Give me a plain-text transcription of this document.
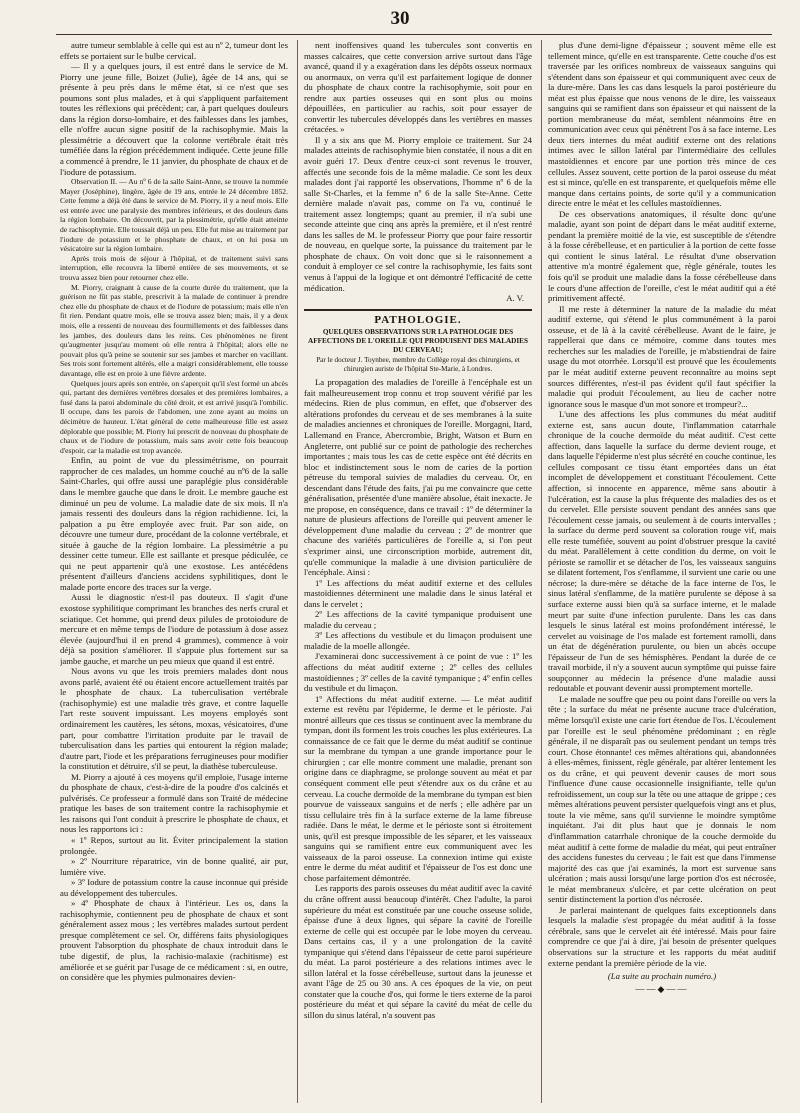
30

autre tumeur semblable à celle qui est au nº 2, tumeur dont les effets se portaient sur le bulbe cervical.

— Il y a quelques jours, il est entré dans le service de M. Piorry une jeune fille, Boizet (Julie), âgée de 14 ans, qui se présente à peu près dans le même état, si ce n'est que ses poumons sont plus malades, et à qui s'appliquent parfaitement toutes les réflexions qui précèdent; car, à part quelques douleurs dans la région dorso-lombaire, et des faiblesses dans les jambes, elle n'offre aucun signe positif de la rachisophymie. Mais la plessimétrie a découvert que la colonne vertébrale était très tuméfiée dans la région précédemment indiquée. Cette jeune fille a commencé à prendre, le 11 janvier, du phosphate de chaux et de l'iodure de potassium.

Observation II. — Au nº 6 de la salle Saint-Anne, se trouve la nommée Mayer (Joséphine), lingère, âgée de 19 ans, entrée le 24 décembre 1852. Cette femme a déjà été dans le service de M. Piorry, il y a neuf mois. Elle est entrée avec une paralysie des membres inférieurs, et des douleurs dans la région lombaire. On découvrit, par la plessimétrie, qu'elle était atteinte de rachisophymie. Elle toussait déjà un peu. Elle fut mise au traitement par l'iodure de potassium et le phosphate de chaux, et on lui posa un vésicatoire sur la région lombaire.

Après trois mois de séjour à l'hôpital, et de traitement suivi sans interruption, elle recouvra la liberté entière de ses mouvements, et se trouva assez bien pour retourner chez elle.

M. Piorry, craignant à cause de la courte durée du traitement, que la guérison ne fût pas stable, prescrivit à la malade de continuer à prendre chez elle du phosphate de chaux et de l'iodure de potassium; mais elle n'en fit rien. Pendant quatre mois, elle se trouva assez bien; mais, il y a deux mois, elle a ressenti de nouveau des fourmillements et des faiblesses dans les jambes, des douleurs dans les reins. Ces phénomènes ne firent qu'augmenter jusqu'au moment où elle rentra à l'hôpital; alors elle ne pouvait plus qu'à peine se soutenir sur ses jambes et marcher en vacillant. Ses trois sont fortement altérés, elle a maigri considérablement, elle tousse davantage, elle est en proie à une fièvre ardente.

Quelques jours après son entrée, on s'aperçoit qu'il s'est formé un abcès qui, partant des dernières vertèbres dorsales et des premières lombaires, a fusé dans la paroi abdominale du côté droit, et est arrivé jusqu'à l'ombilic. Il occupe, dans les parois de l'abdomen, une zone ayant au moins un décimètre de hauteur. L'état général de cette malheureuse fille est assez déplorable que possible; M. Piorry lui prescrit de nouveau du phosphate de chaux et de l'iodure de potassium, mais sans avoir cette fois beaucoup d'espoir, car la maladie est trop avancée.

Enfin, au point de vue du plessimétrisme, on pourrait rapprocher de ces malades, un homme couché au nº6 de la salle Saint-Charles, qui offre aussi une paraplégie plus considérable dans le membre gauche que dans le droit. Le membre gauche est diminué un peu de volume. La maladie date de six mois. Il n'a jamais ressenti des douleurs dans la région rachidienne. Ici, la palpation a pu être employée avec fruit. Par son aide, on découvre une tumeur dure, procédant de la colonne vertébrale, et située à gauche de la région lombaire. La plessimétrie a pu dessiner cette tumeur. Elle est saillante et presque pédiculée, ce qui ne peut appartenir qu'à une exostose. Les antécédens présentent d'ailleurs d'anciens accidens syphilitiques, dont le malade porte encore des traces sur la verge.

Aussi le diagnostic n'est-il pas douteux. Il s'agit d'une exostose syphilitique comprimant les branches des nerfs crural et sciatique. Cet homme, qui prend deux pilules de protoiodure de mercure et en même temps de l'iodure de potassium à dose assez élevée (aujourd'hui il en prend 4 grammes), commence à voir déjà sa position s'améliorer. Il s'appuie plus fortement sur sa jambe gauche, et marche un peu mieux que quand il est entré.

Nous avons vu que les trois premiers malades dont nous avons parlé, avaient été ou étaient encore actuellement traités par le phosphate de chaux. La tuberculisation vertébrale (rachisophymie) est une maladie très grave, et contre laquelle l'art reste souvent impuissant. Les moyens employés sont ordinairement les cautères, les sétons, moxas, vésicatoires, d'une part, pour combattre l'irritation produite par le travail de tuberculisation dans les parties qui entourent la région malade; d'autre part, l'iode et les préparations ferrugineuses pour modifier la constitution et détruire, s'il se peut, la diathèse tuberculeuse.

M. Piorry a ajouté à ces moyens qu'il emploie, l'usage interne du phosphate de chaux, c'est-à-dire de la poudre d'os calcinés et pulvérisés. Ce professeur a formulé dans son Traité de médecine pratique les bases de son traitement contre la rachisophymie et les raisons qui l'ont conduit à prescrire le phosphate de chaux, et nous les rapportons ici :

« 1º Repos, surtout au lit. Éviter principalement la station prolongée.

» 2º Nourriture réparatrice, vin de bonne qualité, air pur, lumière vive.

» 3º Iodure de potassium contre la cause inconnue qui préside au développement des tubercules.

» 4º Phosphate de chaux à l'intérieur. Les os, dans la rachisophymie, contiennent peu de phosphate de chaux et sont généralement assez mous ; les vertèbres malades surtout perdent presque complètement ce sel. Or, différens faits physiologiques prouvent l'absorption du phosphate de chaux introduit dans le tube digestif, de plus, la rachisio-malaxie (rachitisme) est améliorée et se guérit par l'usage de ce médicament : si, en outre, on considère que les phymies pulmonaires devien-

nent inoffensives quand les tubercules sont convertis en masses calcaires, que cette conversion arrive surtout dans l'âge avancé, quand il y a exagération dans les dépôts osseux normaux ou anormaux, on verra qu'il est parfaitement logique de donner du phosphate de chaux contre la rachisophymie, soit pour en rendre aux parties osseuses qui en sont plus ou moins dépouillées, en particulier au rachis, soit pour essayer de convertir les tubercules développés dans les vertèbres en masses crétacées. »

Il y a six ans que M. Piorry emploie ce traitement. Sur 24 malades atteints de rachisophymie bien constatée, il nous a dit en avoir guéri 17. Deux d'entre ceux-ci sont revenus le trouver, affectés une seconde fois de la même maladie. Ce sont les deux malades dont j'ai rapporté les observations, l'homme nº 6 de la salle St-Charles, et la femme nº 6 de la salle Ste-Anne. Cette dernière malade n'avait pas, comme on l'a vu, continué le traitement assez longtemps; quant au premier, il n'a subi une seconde atteinte que cinq ans après la première, et il n'est rentré dans les salles de M. le professeur Piorry que pour faire ressortir de nouveau, en quelque sorte, la puissance du traitement par le phosphate de chaux. On voit donc que si le raisonnement a conduit à employer ce sel contre la rachisophymie, les faits sont venus à l'appui de la logique et ont démontré l'efficacité de cette médication.

A. V.
PATHOLOGIE.
QUELQUES OBSERVATIONS SUR LA PATHOLOGIE DES AFFECTIONS DE L'OREILLE QUI PRODUISENT DES MALADIES DU CERVEAU;
Par le docteur J. Toynbee, membre du Collège royal des chirurgiens, et chirurgien auriste de l'hôpital Ste-Marie, à Londres.

La propagation des maladies de l'oreille à l'encéphale est un fait malheureusement trop connu et trop souvent vérifié par les médecins. Rien de plus commun, en effet, que d'observer des altérations profondes du cerveau et de ses membranes à la suite de maladies anciennes et chroniques de l'oreille. Morgagni, Itard, Lallemand en France, Abercrombie, Bright, Watson et Burn en Angleterre, ont publié sur ce point de pathologie des recherches importantes ; mais tous les cas de cette espèce ont été décrits en bloc et indistinctement sous le nom de caries de la portion pétreuse du temporal suivies de maladies du cerveau. Or, en descendant dans l'étude des faits, j'ai pu me convaincre que cette généralisation, présentée d'une manière absolue, était inexacte. Je me propose, en conséquence, dans ce travail : 1º de déterminer la nature de plusieurs affections de l'oreille qui peuvent amener le développement d'une maladie du cerveau ; 2º de montrer que chacune des variétés particulières de l'oreille a, si l'on peut s'exprimer ainsi, une circonscription morbide, autrement dit, qu'elle communique la maladie à une division particulière de l'encéphale. Ainsi :

1º Les affections du méat auditif externe et des cellules mastoïdiennes déterminent une maladie dans le sinus latéral et dans le cervelet ;

2º Les affections de la cavité tympanique produisent une maladie du cerveau ;

3º Les affections du vestibule et du limaçon produisent une maladie de la moelle allongée.

J'examinerai donc successivement à ce point de vue : 1º les affections du méat auditif externe ; 2º celles des cellules mastoïdiennes ; 3º celles de la cavité tympanique ; 4º enfin celles du vestibule et du limaçon.

1º Affections du méat auditif externe. — Le méat auditif externe est revêtu par l'épiderme, le derme et le périoste. J'ai montré ailleurs que ces tissus se continuent avec la membrane du tympan, dont ils forment les trois couches les plus extérieures. La connaissance de ce fait que le derme du méat auditif se continue sur la membrane du tympan a une grande importance pour le chirurgien ; car elle montre comment une maladie, prenant son origine dans ce diaphragme, se prolonge souvent au méat et par conséquent comment elle peut s'étendre aux os du crâne et au cerveau. La couche dermoïde de la membrane du tympan est bien pourvue de vaisseaux sanguins et de nerfs ; elle adhère par un tissu cellulaire très fin à la surface externe de la lame fibreuse radiée. Dans le méat, le derme et le périoste sont si étroitement unis, qu'il est presque impossible de les séparer, et les vaisseaux sanguins qui se ramifient entre eux communiquent avec les vaisseaux de la paroi osseuse. La connexion intime qui existe entre le derme du méat auditif et l'épaisseur de l'os est donc une chose parfaitement démontrée.

Les rapports des parois osseuses du méat auditif avec la cavité du crâne offrent aussi beaucoup d'intérêt. Chez l'adulte, la paroi supérieure du méat est constituée par une couche osseuse solide, épaisse d'une à deux lignes, qui sépare la cavité de l'oreille externe de celle qui est occupée par le lobe moyen du cerveau. Dans certains cas, il y a une prolongation de la cavité tympanique qui s'étend dans l'épaisseur de cette paroi supérieure du méat. La paroi postérieure a des relations intimes avec le sillon latéral et la fosse cérébelleuse, surtout dans la jeunesse et avant l'âge de 25 ou 30 ans. A ces époques de la vie, on peut constater que la couche d'os, qui forme le tiers externe de la paroi postérieure du méat et qui sépare la cavité du méat de celle du sillon du sinus latéral, n'a souvent pas

plus d'une demi-ligne d'épaisseur ; souvent même elle est tellement mince, qu'elle en est transparente. Cette couche d'os est traversée par les orifices nombreux de vaisseaux sanguins qui s'étendent dans son épaisseur et qui communiquent avec ceux de la dure-mère. Dans les cas dans lesquels la paroi postérieure du méat est plus épaisse que nous venons de le dire, les vaisseaux sanguins qui se ramifient dans son épaisseur et qui naissent de la portion membraneuse du méat, semblent néanmoins être en communication avec ceux qui pénètrent l'os à sa face interne. Les deux tiers internes du méat auditif externe ont des relations intimes avec le sillon latéral par l'intermédiaire des cellules mastoïdiennes et encore par une portion très mince de ces cellules. Assez souvent, cette portion de la paroi osseuse du méat est si mince, qu'elle en est transparente, et quelquefois même elle manque dans certains points, de sorte qu'il y a communication directe entre le méat et les cellules mastoïdiennes.

De ces observations anatomiques, il résulte donc qu'une maladie, ayant son point de départ dans le méat auditif externe, pendant la première moitié de la vie, est susceptible de s'étendre à la fosse cérébelleuse, et en particulier à la portion de cette fosse qui contient le sinus latéral. Le résultat d'une observation attentive m'a montré également que, règle générale, toutes les fois qu'il se produit une maladie dans la fosse cérébelleuse dans le cours d'une affection de l'oreille, c'est le méat auditif qui a été primitivement affecté.

Il me reste à déterminer la nature de la maladie du méat auditif externe, qui s'étend le plus communément à la paroi osseuse, et de là à la cavité cérébelleuse. Avant de le faire, je rappellerai que dans ce mémoire, comme dans toutes mes recherches sur les maladies de l'oreille, je m'abstiendrai de faire usage du mot otorrhée. Lorsqu'il est prouvé que les écoulements par le méat auditif externe peuvent reconnaître au moins sept sources différentes, n'est-il pas évident qu'il faut spécifier la maladie qui produit l'écoulement, au lieu de cacher notre ignorance sous le masque d'un mot sonore et trompeur?...

L'une des affections les plus communes du méat auditif externe est, sans aucun doute, l'inflammation catarrhale chronique de la couche dermoïde du méat auditif. C'est cette affection, dans laquelle la surface du derme devient rouge, et dans laquelle l'épiderme n'est plus sécrété en couche continue, les cellules composant ce tissu étant emportées dans un état incomplet de développement et constituant l'écoulement. Cette affection, si innocente en apparence, même sans aboutir à l'ulcération, est la cause la plus fréquente des maladies des os et du cervelet. Elle persiste souvent pendant des années sans que l'écoulement cesse jamais, ou seulement à de courts intervalles ; la surface du derme perd souvent sa coloration rouge vif, mais elle reste tuméfiée, souvent au point d'obstruer presque la cavité du méat. Parallèlement à cette condition du derme, on voit le périoste se ramollir et se détacher de l'os, les vaisseaux sanguins se dilatent fortement, l'os s'enflamme, il survient une carie ou une nécrose; la dure-mère se détache de la face interne de l'os, le sinus latéral s'enflamme, de la matière purulente se dépose à sa surface externe aussi bien qu'à sa surface interne, et le malade meurt par suite d'une infection purulente. Dans les cas dans lesquels le sinus latéral est moins profondément intéressé, le cervelet au voisinage de l'os malade est fortement ramolli, dans un état de dégénération purulente, ou bien un abcès occupe l'épaisseur de l'un de ses hémisphères. Pendant la durée de ce travail morbide, il n'y a souvent aucun symptôme qui puisse faire soupçonner au médecin la présence d'une maladie aussi redoutable et pouvant devenir aussi promptement mortelle.

Le malade ne souffre que peu ou point dans l'oreille ou vers la tête ; la surface du méat ne présente aucune trace d'ulcération, même lorsqu'il existe une carie fort étendue de l'os. L'écoulement par l'oreille est le seul phénomène prédominant ; en règle générale, il ne disparaît pas ou seulement pendant un temps très court. Chose étonnante! ces mêmes altérations qui, abandonnées à elles-mêmes, finissent, règle générale, par altérer lentement les os du crâne, et qui peuvent devenir causes de mort sous l'influence d'une cause occasionnelle insignifiante, telle qu'un refroidissement, un coup sur la tête ou une attaque de grippe ; ces mêmes altérations peuvent persister quelquefois vingt ans et plus, toute la vie même, sans qu'il survienne le moindre symptôme inquiétant. J'ai dit plus haut que je donnais le nom d'inflammation catarrhale chronique de la couche dermoïde du méat auditif à cette forme de maladie du méat, qui peut entraîner des accidens funestes du cerveau ; le fait est que dans l'immense majorité des cas que j'ai examinés, la mort est survenue sans ulcération ; mais aussi lorsqu'une large portion d'os est nécrosée, le méat membraneux s'ulcère, et par cette ulcération on peut sentir distinctement la portion d'os nécrosée.

Je parlerai maintenant de quelques faits exceptionnels dans lesquels la maladie s'est propagée du méat auditif à la fosse cérébrale, sans que le cervelet ait été intéressé. Mais pour faire comprendre ce que j'ai à dire, j'ai besoin de présenter quelques observations sur la structure et les rapports du méat auditif externe pendant la première période de la vie.

(La suite au prochain numéro.)
——◆——
